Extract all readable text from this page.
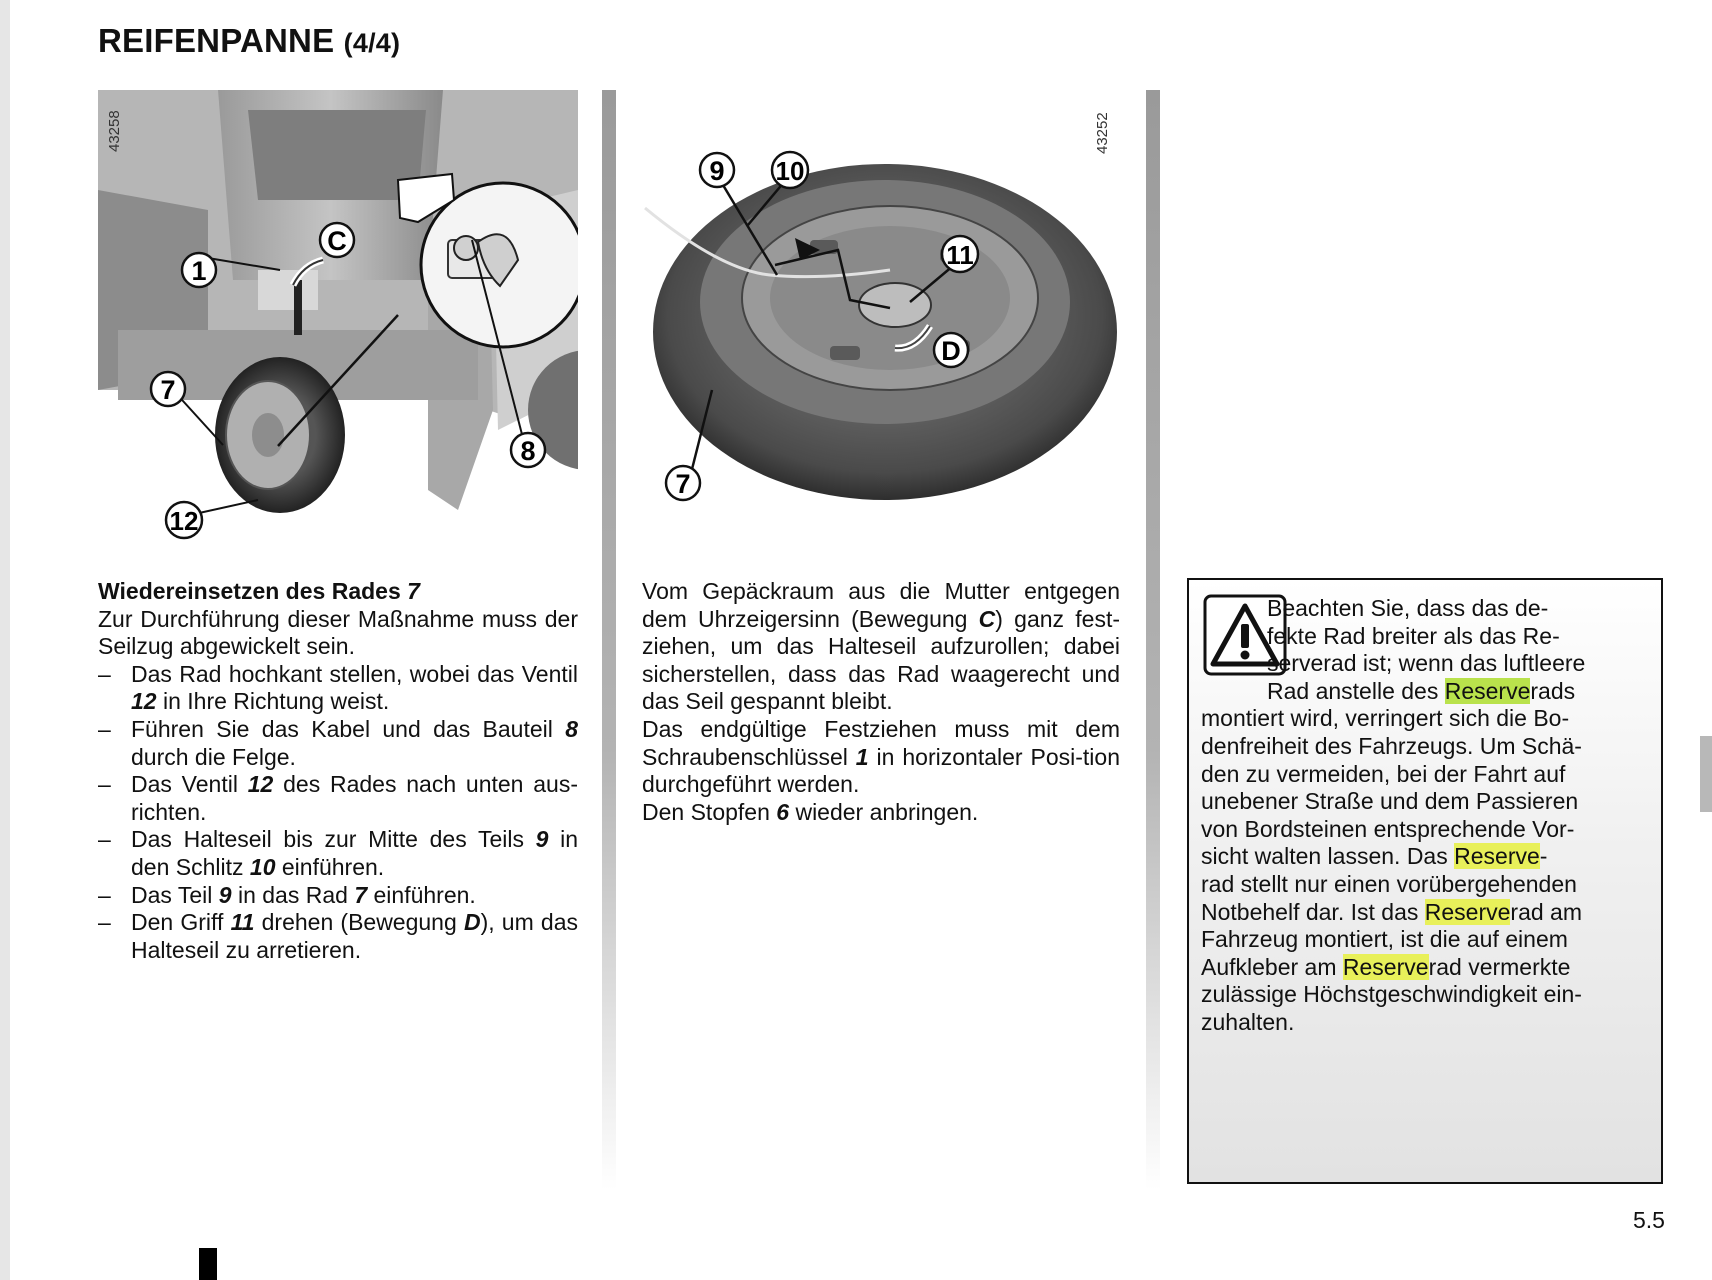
REIFENPANNE (4/4)
C
1
7
8
12
43258
9 10
11
D
7
43252

Wiedereinsetzen des Rades 7

Zur Durchführung dieser Maßnahme muss der Seilzug abgewickelt sein.

– Das Rad hochkant stellen, wobei das Ventil 12 in Ihre Richtung weist.
– Führen Sie das Kabel und das Bauteil 8 durch die Felge.
– Das Ventil 12 des Rades nach unten aus-richten.
– Das Halteseil bis zur Mitte des Teils 9 in den Schlitz 10 einführen.
– Das Teil 9 in das Rad 7 einführen.
– Den Griff 11 drehen (Bewegung D), um das Halteseil zu arretieren.

Vom Gepäckraum aus die Mutter entgegen dem Uhrzeigersinn (Bewegung C) ganz fest-ziehen, um das Halteseil aufzurollen; dabei sicherstellen, dass das Rad waagerecht und das Seil gespannt bleibt.

Das endgültige Festziehen muss mit dem Schraubenschlüssel 1 in horizontaler Posi-tion durchgeführt werden.

Den Stopfen 6 wieder anbringen.

Beachten Sie, dass das de-
fekte Rad breiter als das Re-
serverad ist; wenn das luftleere
Rad anstelle des Reserverads
montiert wird, verringert sich die Bo-
denfreiheit des Fahrzeugs. Um Schä-
den zu vermeiden, bei der Fahrt auf
unebener Straße und dem Passieren
von Bordsteinen entsprechende Vor-
sicht walten lassen. Das Reserve-
rad stellt nur einen vorübergehenden
Notbehelf dar. Ist das Reserverad am
Fahrzeug montiert, ist die auf einem
Aufkleber am Reserverad vermerkte
zulässige Höchstgeschwindigkeit ein-
zuhalten.
5.5
